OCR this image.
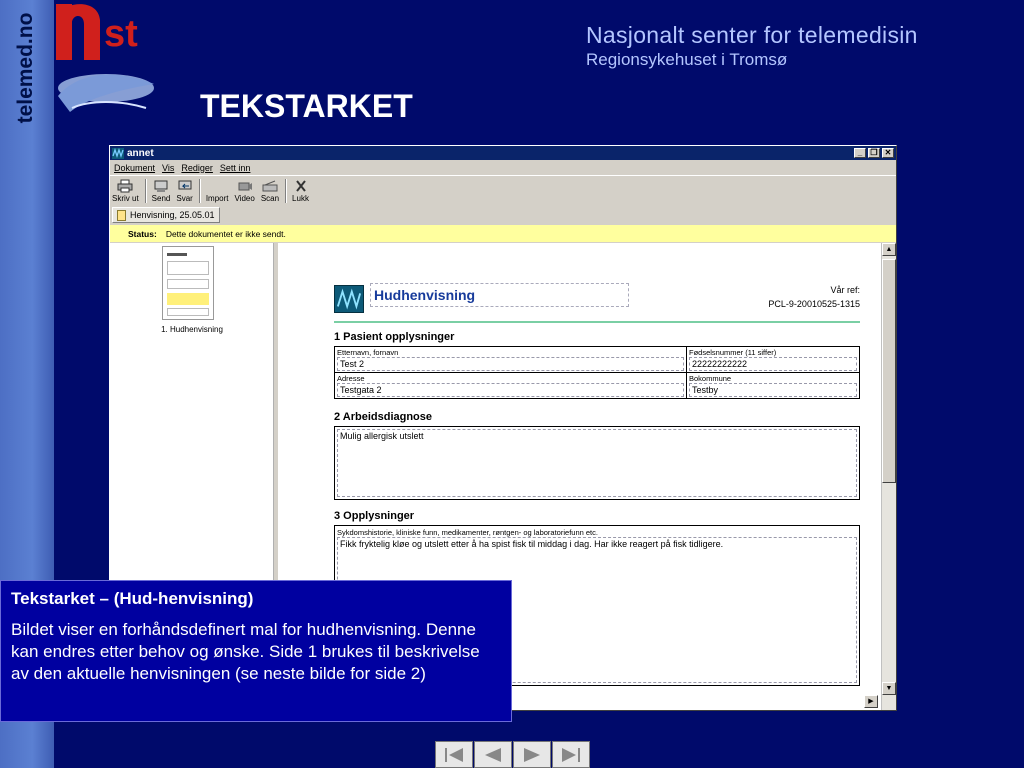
telemed.no st	Nasjonalt senter for telemedisin
Regionsykehuset i Tromsø
TEKSTARKET
annet	_	❐ ✕
Dokument Vis Rediger Sett inn
Skriv ut Send Svar Import Video Scan Lukk
Henvisning, 25.05.01
Status: Dette dokumentet er ikke sendt.
1. Hudhenvisning
Hudhenvisning	Vår ref:
PCL-9-20010525-1315
1 Pasient opplysninger
Etternavn, fornavn
Test 2
Fødselsnummer (11 siffer)
22222222222
Adresse
Testgata 2
Bokommune
Testby
2 Arbeidsdiagnose
Mulig allergisk utslett
3 Opplysninger
Sykdomshistorie, kliniske funn, medikamenter, røntgen- og laboratoriefunn etc.
Fikk fryktelig kløe og utslett etter å ha spist fisk til middag i dag. Har ikke reagert på fisk tidligere.
▲
▼
▶
Tekstarket – (Hud-henvisning)

Bildet viser en forhåndsdefinert mal for hudhenvisning. Denne kan endres etter behov og ønske. Side 1 brukes til beskrivelse av den aktuelle henvisningen (se neste bilde for side 2)
